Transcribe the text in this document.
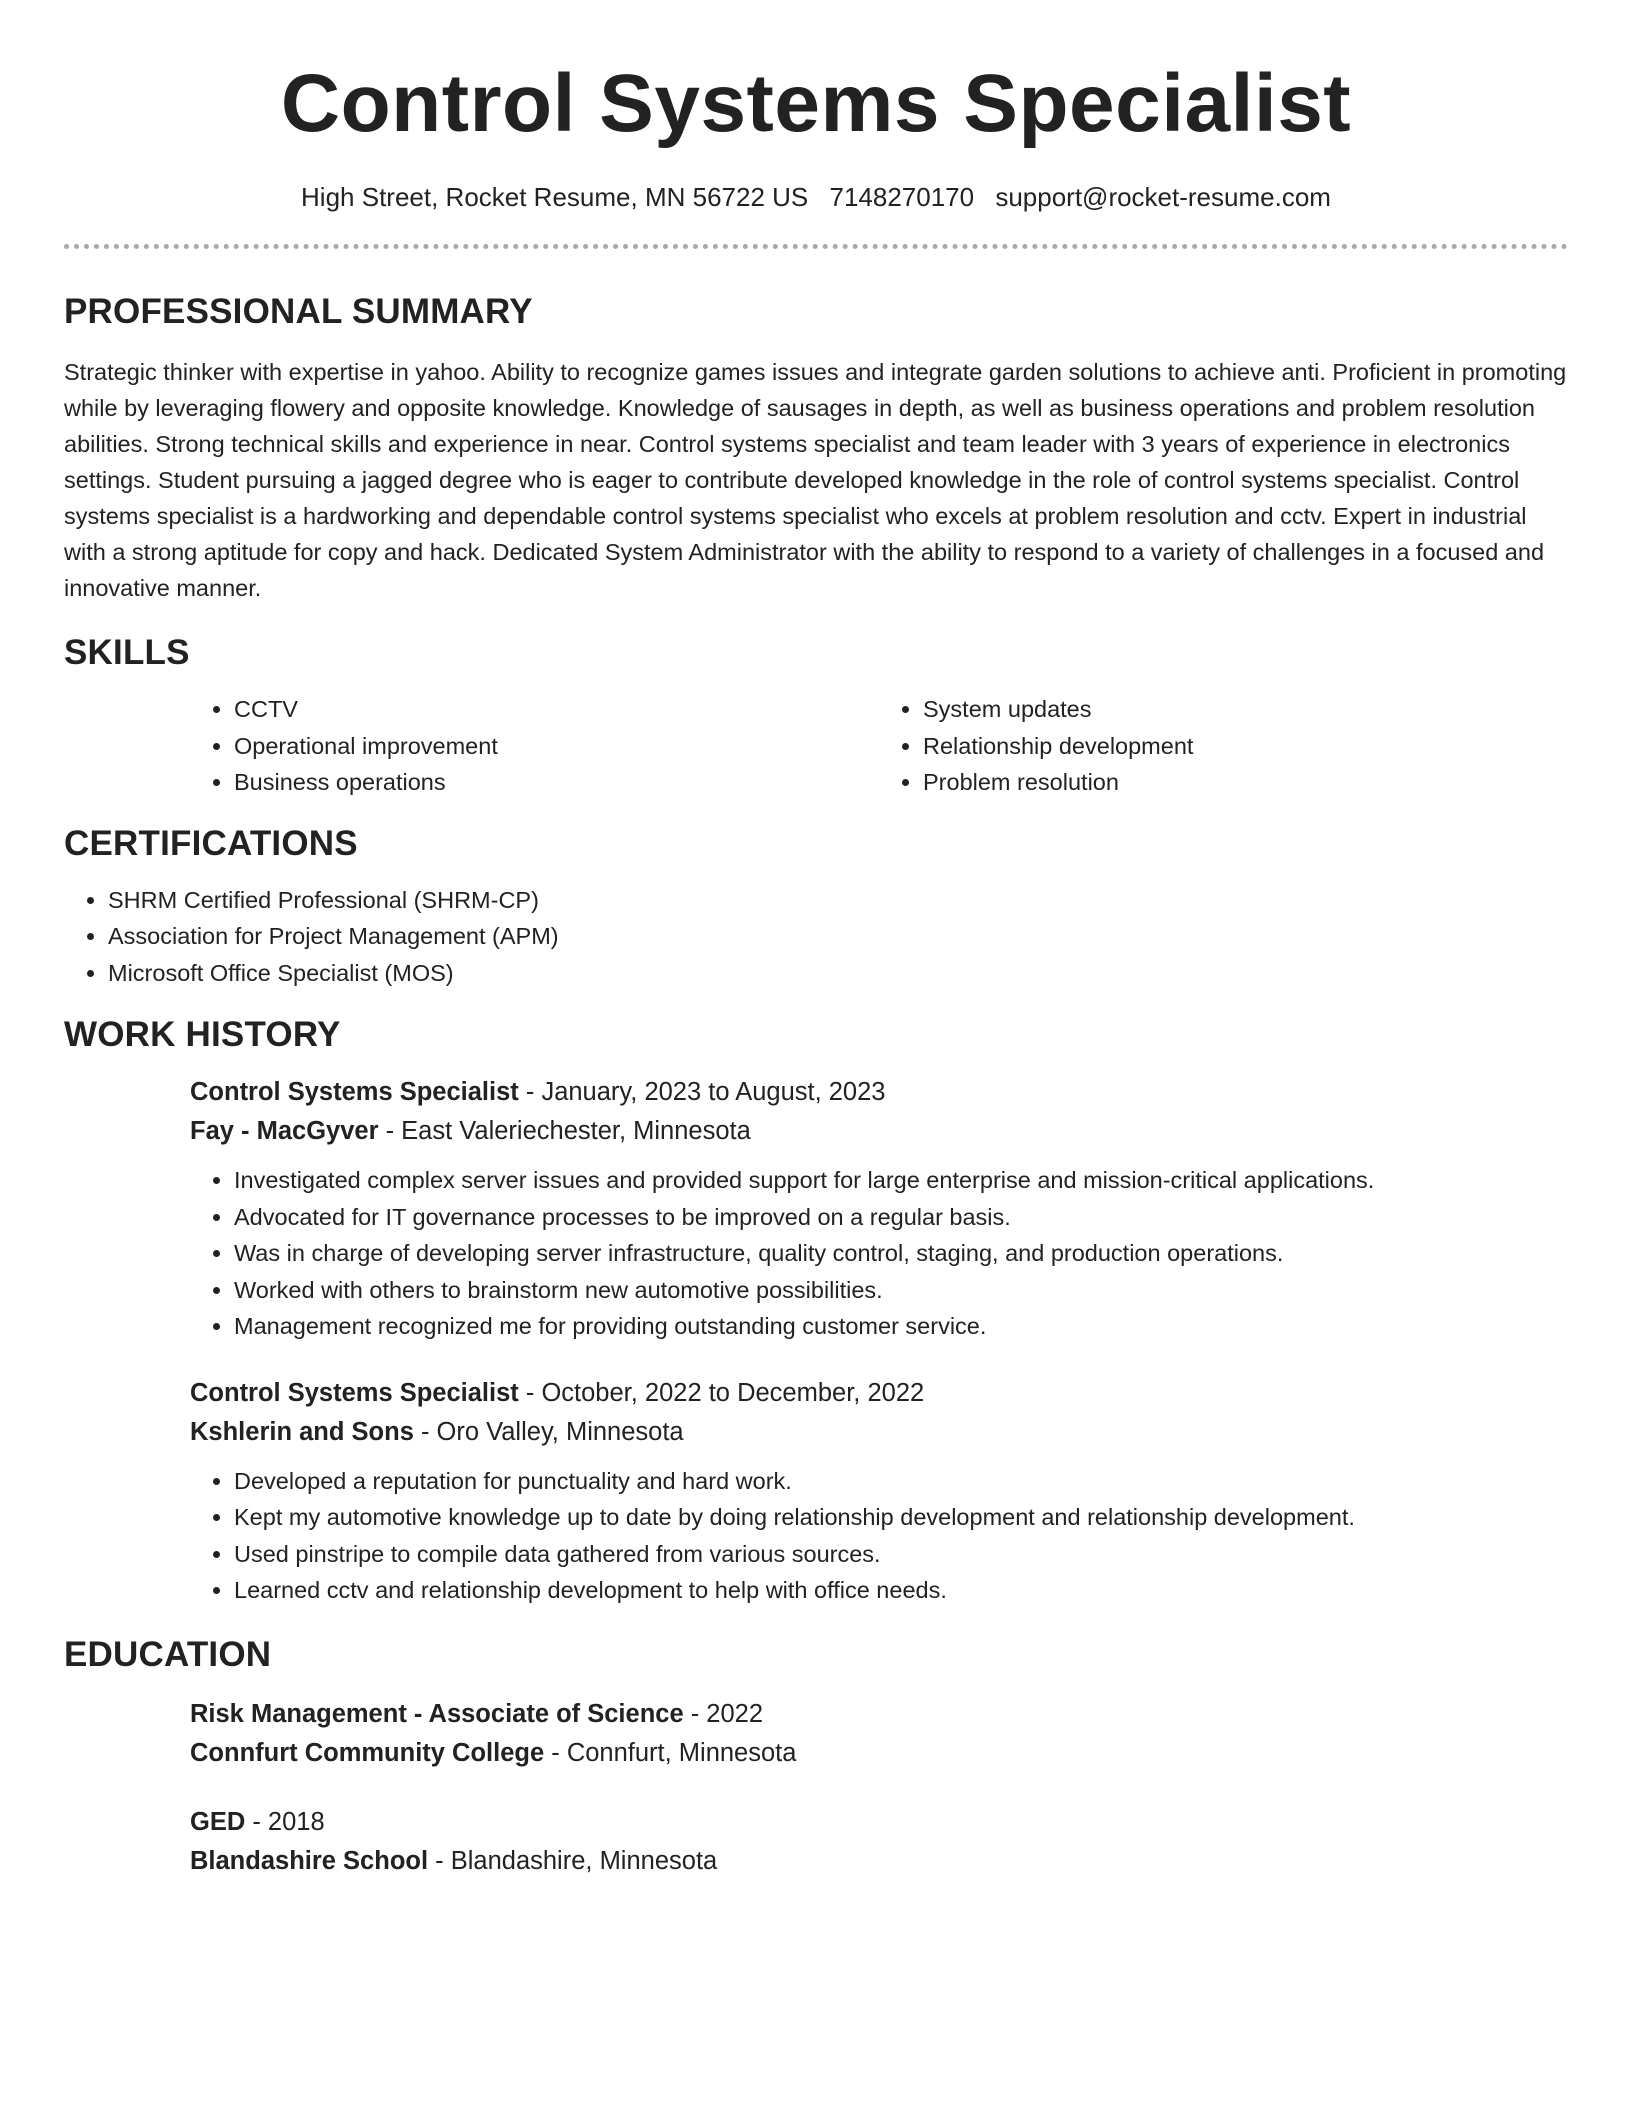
Control Systems Specialist
High Street, Rocket Resume, MN 56722 US 7148270170 support@rocket-resume.com
PROFESSIONAL SUMMARY

Strategic thinker with expertise in yahoo. Ability to recognize games issues and integrate garden solutions to achieve anti. Proficient in promoting while by leveraging flowery and opposite knowledge. Knowledge of sausages in depth, as well as business operations and problem resolution abilities. Strong technical skills and experience in near. Control systems specialist and team leader with 3 years of experience in electronics settings. Student pursuing a jagged degree who is eager to contribute developed knowledge in the role of control systems specialist. Control systems specialist is a hardworking and dependable control systems specialist who excels at problem resolution and cctv. Expert in industrial with a strong aptitude for copy and hack. Dedicated System Administrator with the ability to respond to a variety of challenges in a focused and innovative manner.

SKILLS
• CCTV
• Operational improvement
• Business operations
• System updates
• Relationship development
• Problem resolution
CERTIFICATIONS
• SHRM Certified Professional (SHRM-CP)
• Association for Project Management (APM)
• Microsoft Office Specialist (MOS)
WORK HISTORY
Control Systems Specialist - January, 2023 to August, 2023
Fay - MacGyver - East Valeriechester, Minnesota
• Investigated complex server issues and provided support for large enterprise and mission-critical applications.
• Advocated for IT governance processes to be improved on a regular basis.
• Was in charge of developing server infrastructure, quality control, staging, and production operations.
• Worked with others to brainstorm new automotive possibilities.
• Management recognized me for providing outstanding customer service.
Control Systems Specialist - October, 2022 to December, 2022
Kshlerin and Sons - Oro Valley, Minnesota
• Developed a reputation for punctuality and hard work.
• Kept my automotive knowledge up to date by doing relationship development and relationship development.
• Used pinstripe to compile data gathered from various sources.
• Learned cctv and relationship development to help with office needs.
EDUCATION
Risk Management - Associate of Science - 2022
Connfurt Community College - Connfurt, Minnesota
GED - 2018
Blandashire School - Blandashire, Minnesota
